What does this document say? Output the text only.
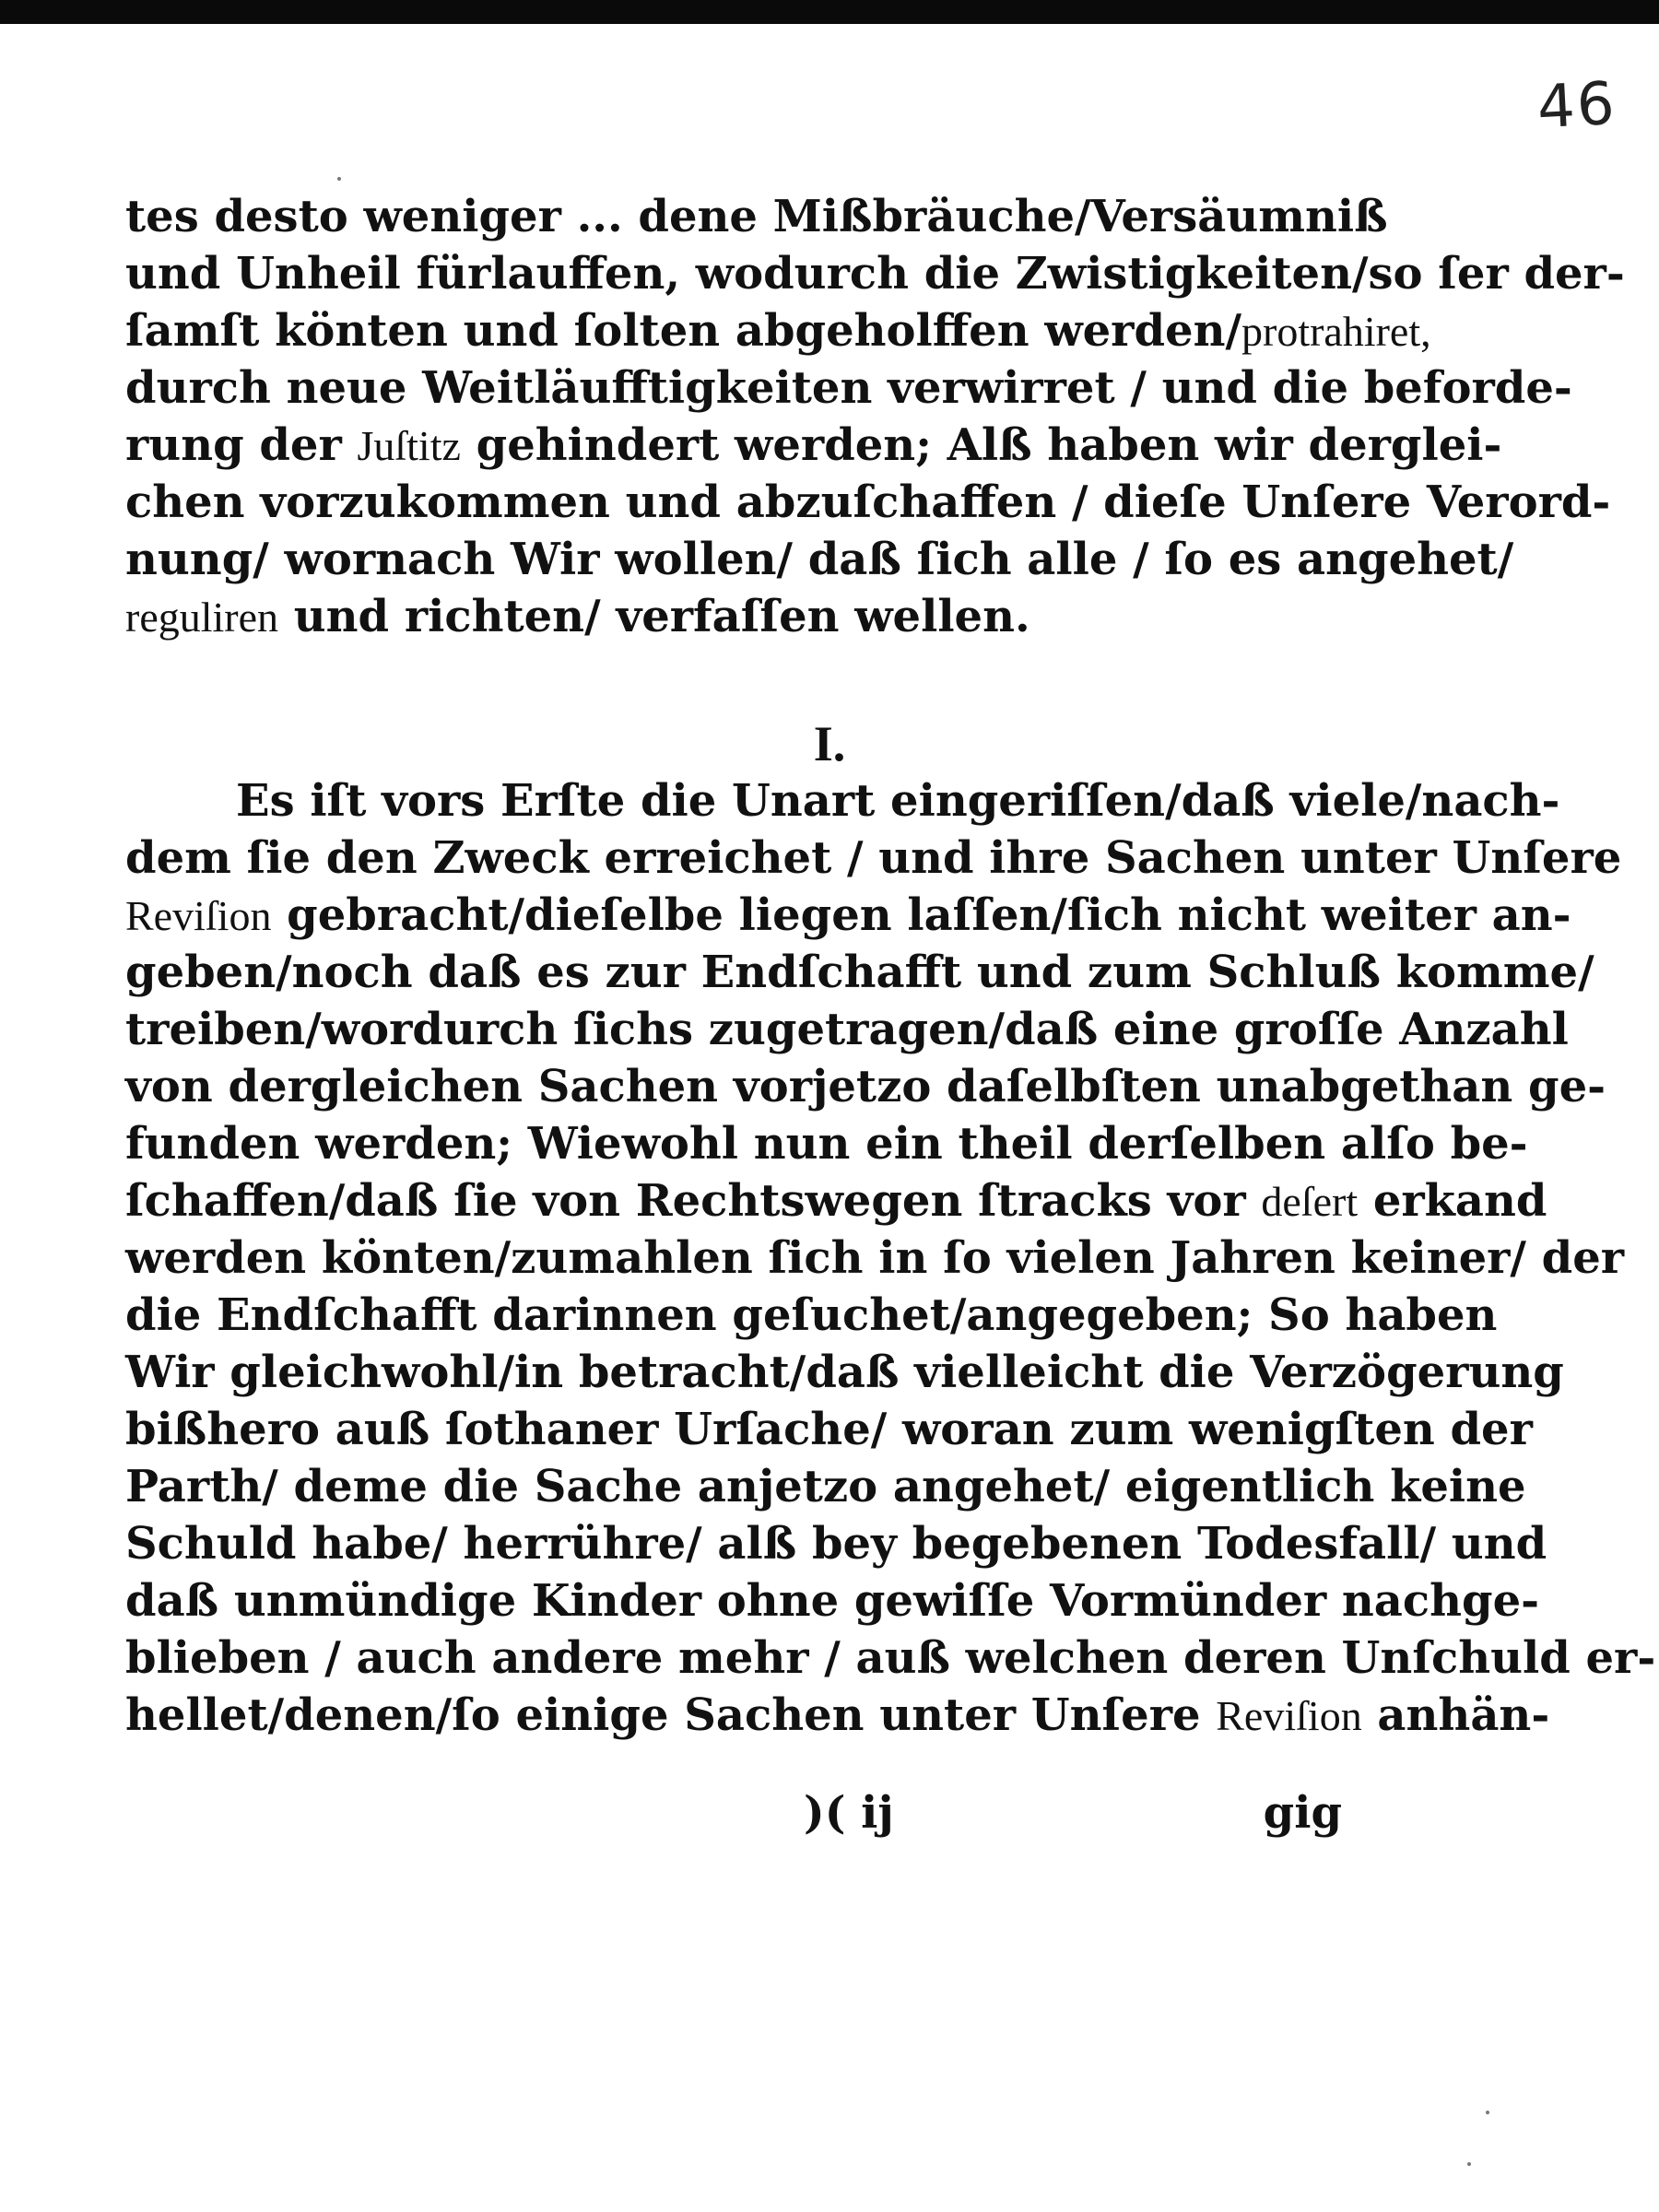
46
tes desto weniger ... dene Mißbräuche/Versäumniß
und Unheil fürlauffen, wodurch die Zwistigkeiten/so ſer der-
ſamſt könten und ſolten abgeholffen werden/protrahiret,
durch neue Weitläufftigkeiten verwirret / und die beforde-
rung der Juſtitz gehindert werden; Alß haben wir derglei-
chen vorzukommen und abzuſchaffen / dieſe Unſere Verord-
nung/ wornach Wir wollen/ daß ſich alle / ſo es angehet/
reguliren und richten/ verfaſſen wellen.
I.
Es iſt vors Erſte die Unart eingeriſſen/daß viele/nach-
dem ſie den Zweck erreichet / und ihre Sachen unter Unſere
Reviſion gebracht/dieſelbe liegen laſſen/ſich nicht weiter an-
geben/noch daß es zur Endſchafft und zum Schluß komme/
treiben/wordurch ſichs zugetragen/daß eine groſſe Anzahl
von dergleichen Sachen vorjetzo daſelbſten unabgethan ge-
funden werden; Wiewohl nun ein theil derſelben alſo be-
ſchaffen/daß ſie von Rechtswegen ſtracks vor deſert erkand
werden könten/zumahlen ſich in ſo vielen Jahren keiner/ der
die Endſchafft darinnen geſuchet/angegeben; So haben
Wir gleichwohl/in betracht/daß vielleicht die Verzögerung
bißhero auß ſothaner Urſache/ woran zum wenigſten der
Parth/ deme die Sache anjetzo angehet/ eigentlich keine
Schuld habe/ herrühre/ alß bey begebenen Todesfall/ und
daß unmündige Kinder ohne gewiſſe Vormünder nachge-
blieben / auch andere mehr / auß welchen deren Unſchuld er-
hellet/denen/ſo einige Sachen unter Unſere Reviſion anhän-
)( ij	gig
